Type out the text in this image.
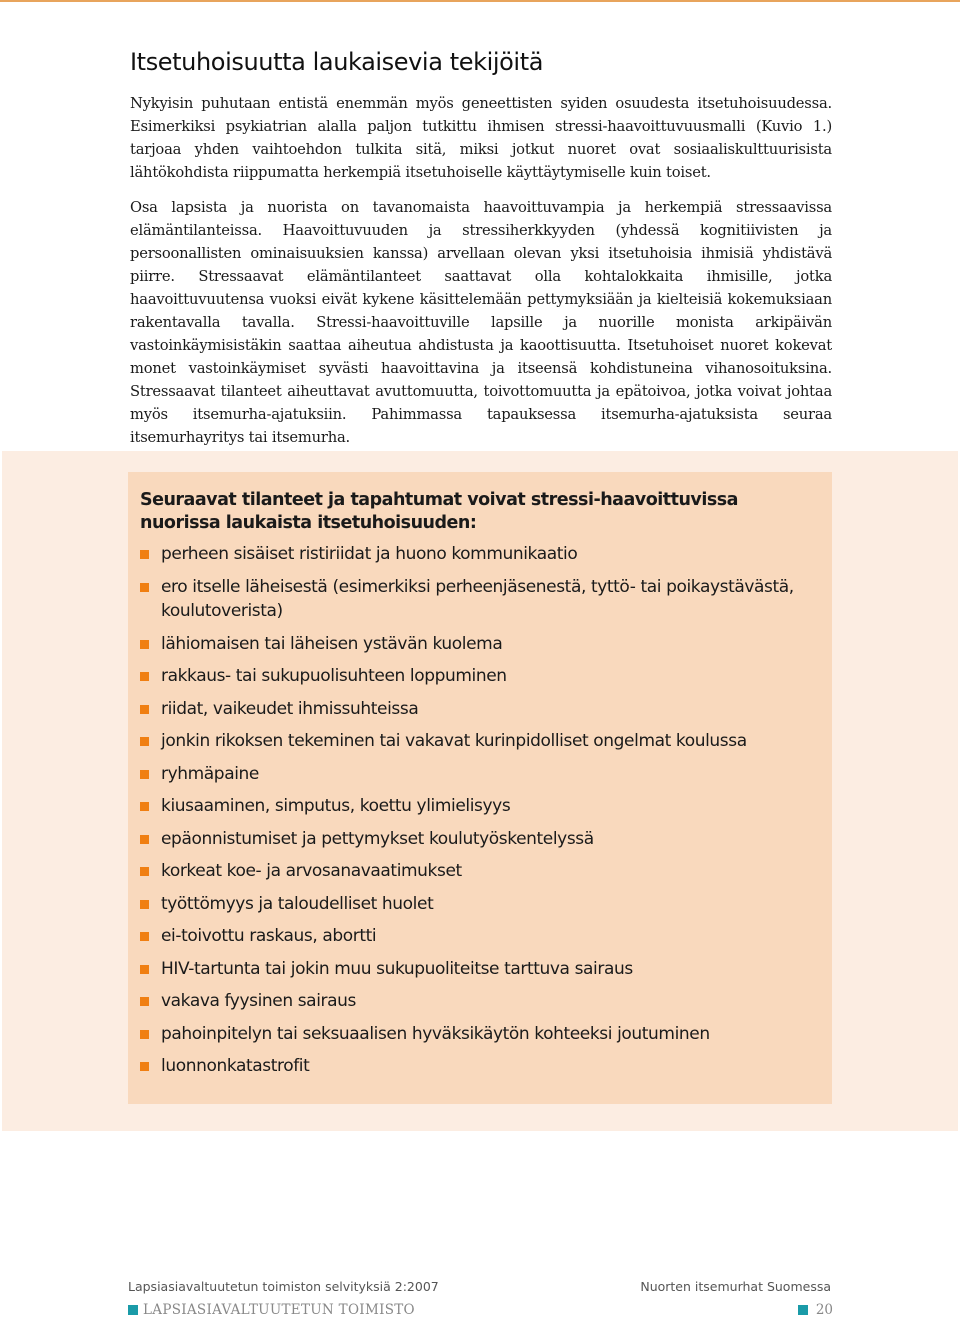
Itsetuhoisuutta laukaisevia tekijöitä

Nykyisin puhutaan entistä enemmän myös geneettisten syiden osuudesta itsetuhoisuudessa. Esimerkiksi psykiatrian alalla paljon tutkittu ihmisen stressi-haavoittuvuusmalli (Kuvio 1.) tarjoaa yhden vaihtoehdon tulkita sitä, miksi jotkut nuoret ovat sosiaaliskulttuurisista lähtökohdista riippumatta herkempiä itsetuhoiselle käyttäytymiselle kuin toiset.

Osa lapsista ja nuorista on tavanomaista haavoittuvampia ja herkempiä stressaavissa elämäntilanteissa. Haavoittuvuuden ja stressiherkkyyden (yhdessä kognitiivisten ja persoonallisten ominaisuuksien kanssa) arvellaan olevan yksi itsetuhoisia ihmisiä yhdistävä piirre. Stressaavat elämäntilanteet saattavat olla kohtalokkaita ihmisille, jotka haavoittuvuutensa vuoksi eivät kykene käsittelemään pettymyksiään ja kielteisiä kokemuksiaan rakentavalla tavalla. Stressi-haavoittuville lapsille ja nuorille monista arkipäivän vastoinkäymisistäkin saattaa aiheutua ahdistusta ja kaoottisuutta. Itsetuhoiset nuoret kokevat monet vastoinkäymiset syvästi haavoittavina ja itseensä kohdistuneina vihanosoituksina. Stressaavat tilanteet aiheuttavat avuttomuutta, toivottomuutta ja epätoivoa, jotka voivat johtaa myös itsemurha-ajatuksiin. Pahimmassa tapauksessa itsemurha-ajatuksista seuraa itsemurhayritys tai itsemurha.

Seuraavat tilanteet ja tapahtumat voivat stressi-haavoittuvissa nuorissa laukaista itsetuhoisuuden:
perheen sisäiset ristiriidat ja huono kommunikaatio
ero itselle läheisestä (esimerkiksi perheenjäsenestä, tyttö- tai poikaystävästä, koulutoverista)
lähiomaisen tai läheisen ystävän kuolema
rakkaus- tai sukupuolisuhteen loppuminen
riidat, vaikeudet ihmissuhteissa
jonkin rikoksen tekeminen tai vakavat kurinpidolliset ongelmat koulussa
ryhmäpaine
kiusaaminen, simputus, koettu ylimielisyys
epäonnistumiset ja pettymykset koulutyöskentelyssä
korkeat koe- ja arvosanavaatimukset
työttömyys ja taloudelliset huolet
ei-toivottu raskaus, abortti
HIV-tartunta tai jokin muu sukupuoliteitse tarttuva sairaus
vakava fyysinen sairaus
pahoinpitelyn tai seksuaalisen hyväksikäytön kohteeksi joutuminen
luonnonkatastrofit
Lapsiasiavaltuutetun toimiston selvityksiä 2:2007	Nuorten itsemurhat Suomessa
LAPSIASIAVALTUUTETUN TOIMISTO	20
